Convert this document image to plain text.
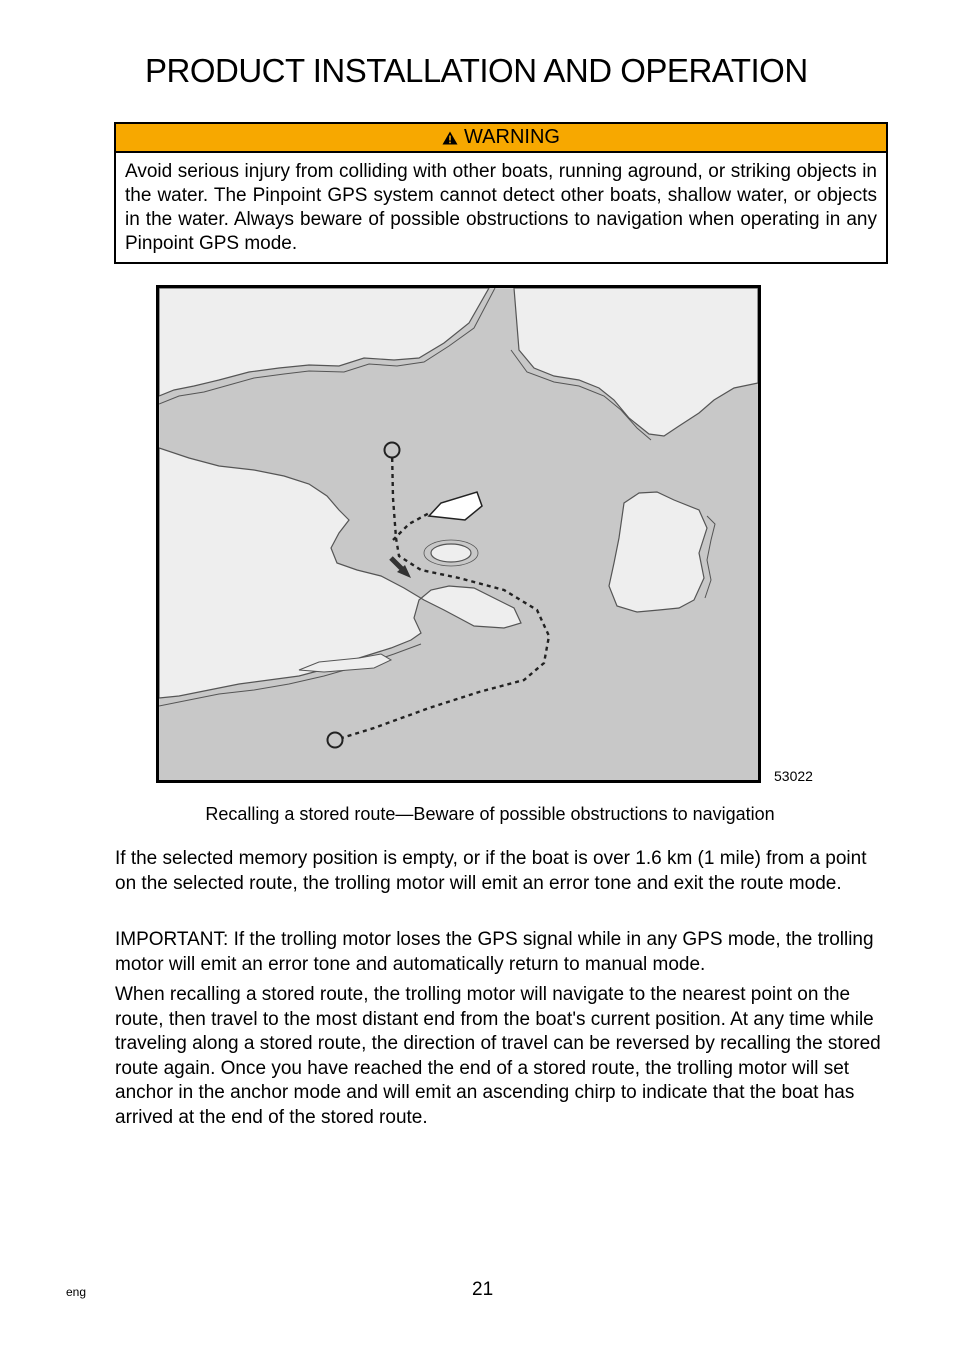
PRODUCT INSTALLATION AND OPERATION
WARNING
Avoid serious injury from colliding with other boats, running aground, or striking objects in the water. The Pinpoint GPS system cannot detect other boats, shallow water, or objects in the water. Always beware of possible obstructions to navigation when operating in any Pinpoint GPS mode.
53022
Recalling a stored route—Beware of possible obstructions to navigation
If the selected memory position is empty, or if the boat is over 1.6 km (1 mile) from a point on the selected route, the trolling motor will emit an error tone and exit the route mode.
IMPORTANT: If the trolling motor loses the GPS signal while in any GPS mode, the trolling motor will emit an error tone and automatically return to manual mode.
When recalling a stored route, the trolling motor will navigate to the nearest point on the route, then travel to the most distant end from the boat's current position. At any time while traveling along a stored route, the direction of travel can be reversed by recalling the stored route again. Once you have reached the end of a stored route, the trolling motor will set anchor in the anchor mode and will emit an ascending chirp to indicate that the boat has arrived at the end of the stored route.
eng	21
